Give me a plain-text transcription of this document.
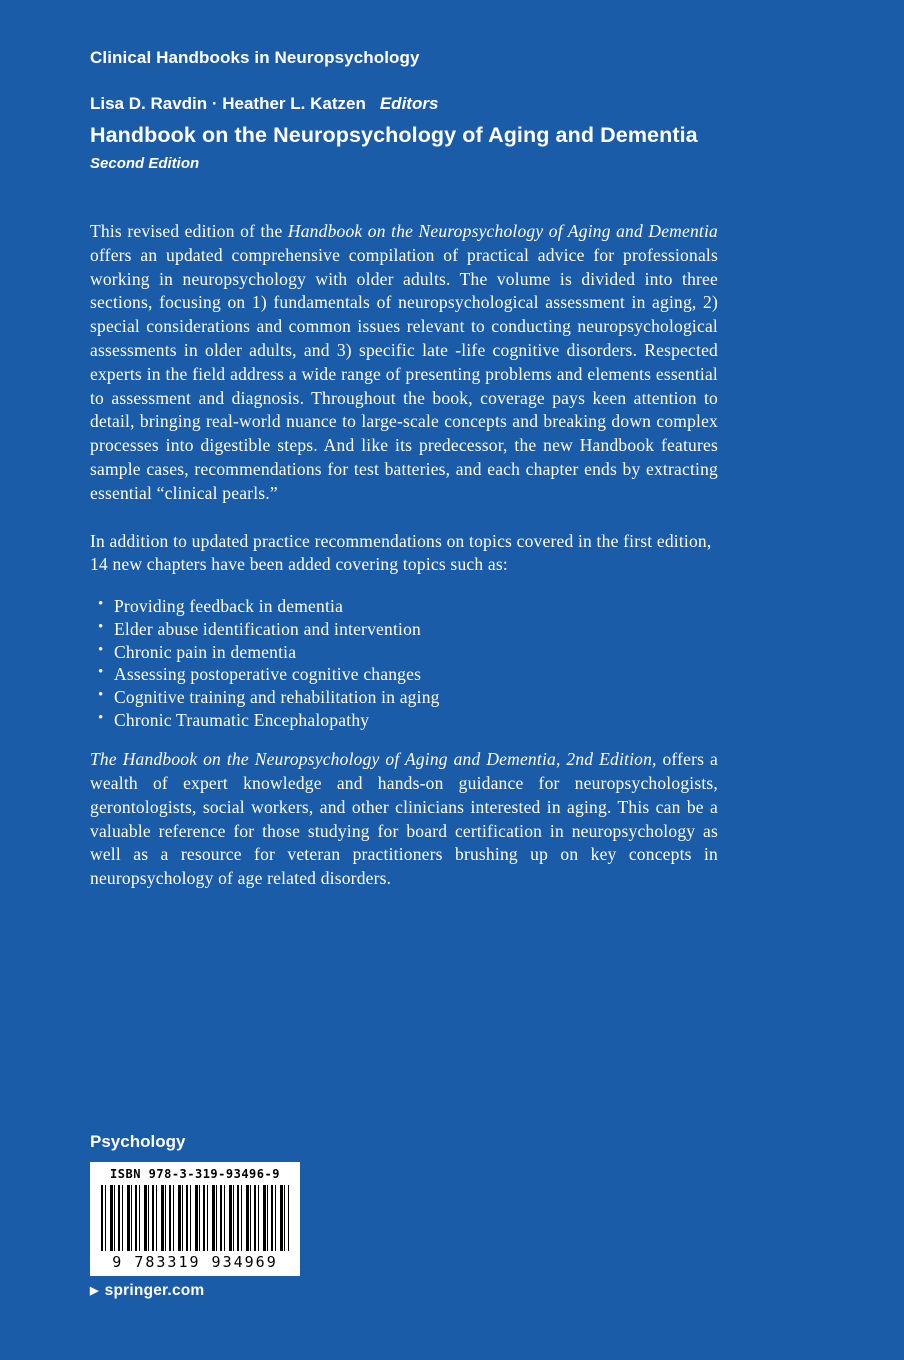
Clinical Handbooks in Neuropsychology
Lisa D. Ravdin · Heather L. Katzen Editors
Handbook on the Neuropsychology of Aging and Dementia
Second Edition

This revised edition of the Handbook on the Neuropsychology of Aging and Dementia offers an updated comprehensive compilation of practical advice for professionals working in neuropsychology with older adults. The volume is divided into three sections, focusing on 1) fundamentals of neuropsychological assessment in aging, 2) special considerations and common issues relevant to conducting neuropsychological assessments in older adults, and 3) specific late -life cognitive disorders. Respected experts in the field address a wide range of presenting problems and elements essential to assessment and diagnosis. Throughout the book, coverage pays keen attention to detail, bringing real-world nuance to large-scale concepts and breaking down complex processes into digestible steps. And like its predecessor, the new Handbook features sample cases, recommendations for test batteries, and each chapter ends by extracting essential “clinical pearls.”

In addition to updated practice recommendations on topics covered in the first edition, 14 new chapters have been added covering topics such as:

• Providing feedback in dementia
• Elder abuse identification and intervention
• Chronic pain in dementia
• Assessing postoperative cognitive changes
• Cognitive training and rehabilitation in aging
• Chronic Traumatic Encephalopathy

The Handbook on the Neuropsychology of Aging and Dementia, 2nd Edition, offers a wealth of expert knowledge and hands-on guidance for neuropsychologists, gerontologists, social workers, and other clinicians interested in aging. This can be a valuable reference for those studying for board certification in neuropsychology as well as a resource for veteran practitioners brushing up on key concepts in neuropsychology of age related disorders.

Psychology
ISBN 978-3-319-93496-9
9 783319 934969
▶ springer.com
